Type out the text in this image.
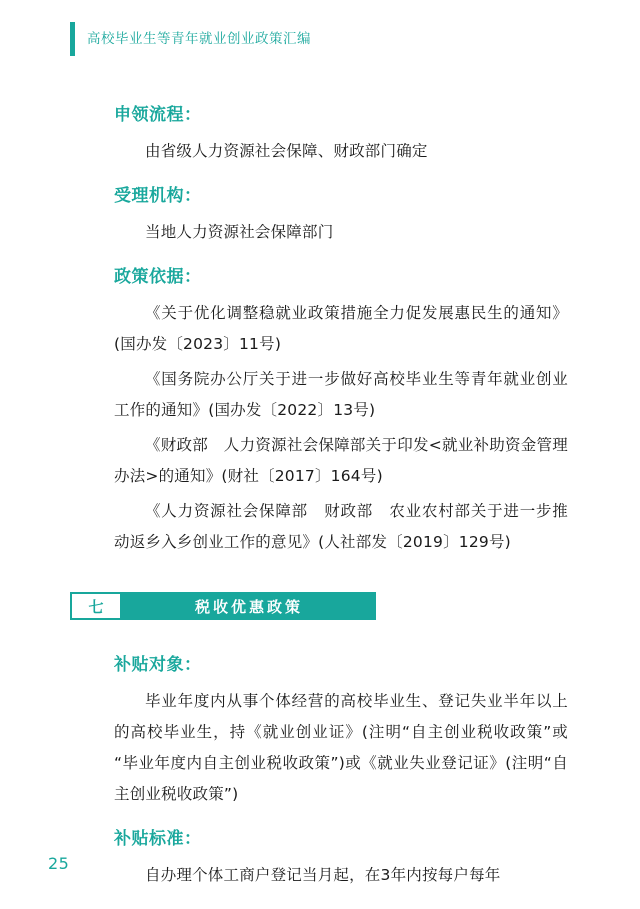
高校毕业生等青年就业创业政策汇编
申领流程：

由省级人力资源社会保障、财政部门确定

受理机构：

当地人力资源社会保障部门

政策依据：

《关于优化调整稳就业政策措施全力促发展惠民生的通知》(国办发〔2023〕11号)

《国务院办公厅关于进一步做好高校毕业生等青年就业创业工作的通知》(国办发〔2022〕13号)

《财政部　人力资源社会保障部关于印发<就业补助资金管理办法>的通知》(财社〔2017〕164号)

《人力资源社会保障部　财政部　农业农村部关于进一步推动返乡入乡创业工作的意见》(人社部发〔2019〕129号)

七	税收优惠政策
补贴对象：

毕业年度内从事个体经营的高校毕业生、登记失业半年以上的高校毕业生，持《就业创业证》(注明“自主创业税收政策”或“毕业年度内自主创业税收政策”)或《就业失业登记证》(注明“自主创业税收政策”)

补贴标准：

自办理个体工商户登记当月起，在3年内按每户每年

25
